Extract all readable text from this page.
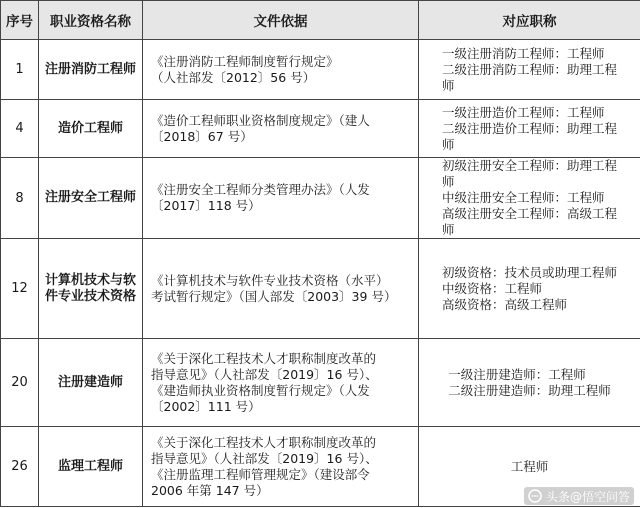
序号	职业资格名称	文件依据	对应职称
1	注册消防工程师	《注册消防工程师制度暂行规定》
（人社部发〔2012〕56 号）	一级注册消防工程师：工程师
二级注册消防工程师：助理工程
师

4	造价工程师	《造价工程师职业资格制度规定》（建人
〔2018〕67 号）	一级注册造价工程师：工程师
二级注册造价工程师：助理工程
师

8	注册安全工程师	《注册安全工程师分类管理办法》（人发
〔2017〕118 号）	初级注册安全工程师：助理工程
师
中级注册安全工程师：工程师
高级注册安全工程师：高级工程
师

12	计算机技术与软件专业技术资格	《计算机技术与软件专业技术资格（水平）
考试暂行规定》（国人部发〔2003〕39 号）	初级资格：技术员或助理工程师
中级资格：工程师
高级资格：高级工程师

20	注册建造师	《关于深化工程技术人才职称制度改革的
指导意见》（人社部发〔2019〕16 号）、
《建造师执业资格制度暂行规定》（人发
〔2002〕111 号）	一级注册建造师：工程师
二级注册建造师：助理工程师

26	监理工程师	《关于深化工程技术人才职称制度改革的
指导意见》（人社部发〔2019〕16 号）、
《注册监理工程师管理规定》（建设部令
2006 年第 147 号）	工程师
头条@悟空问答
